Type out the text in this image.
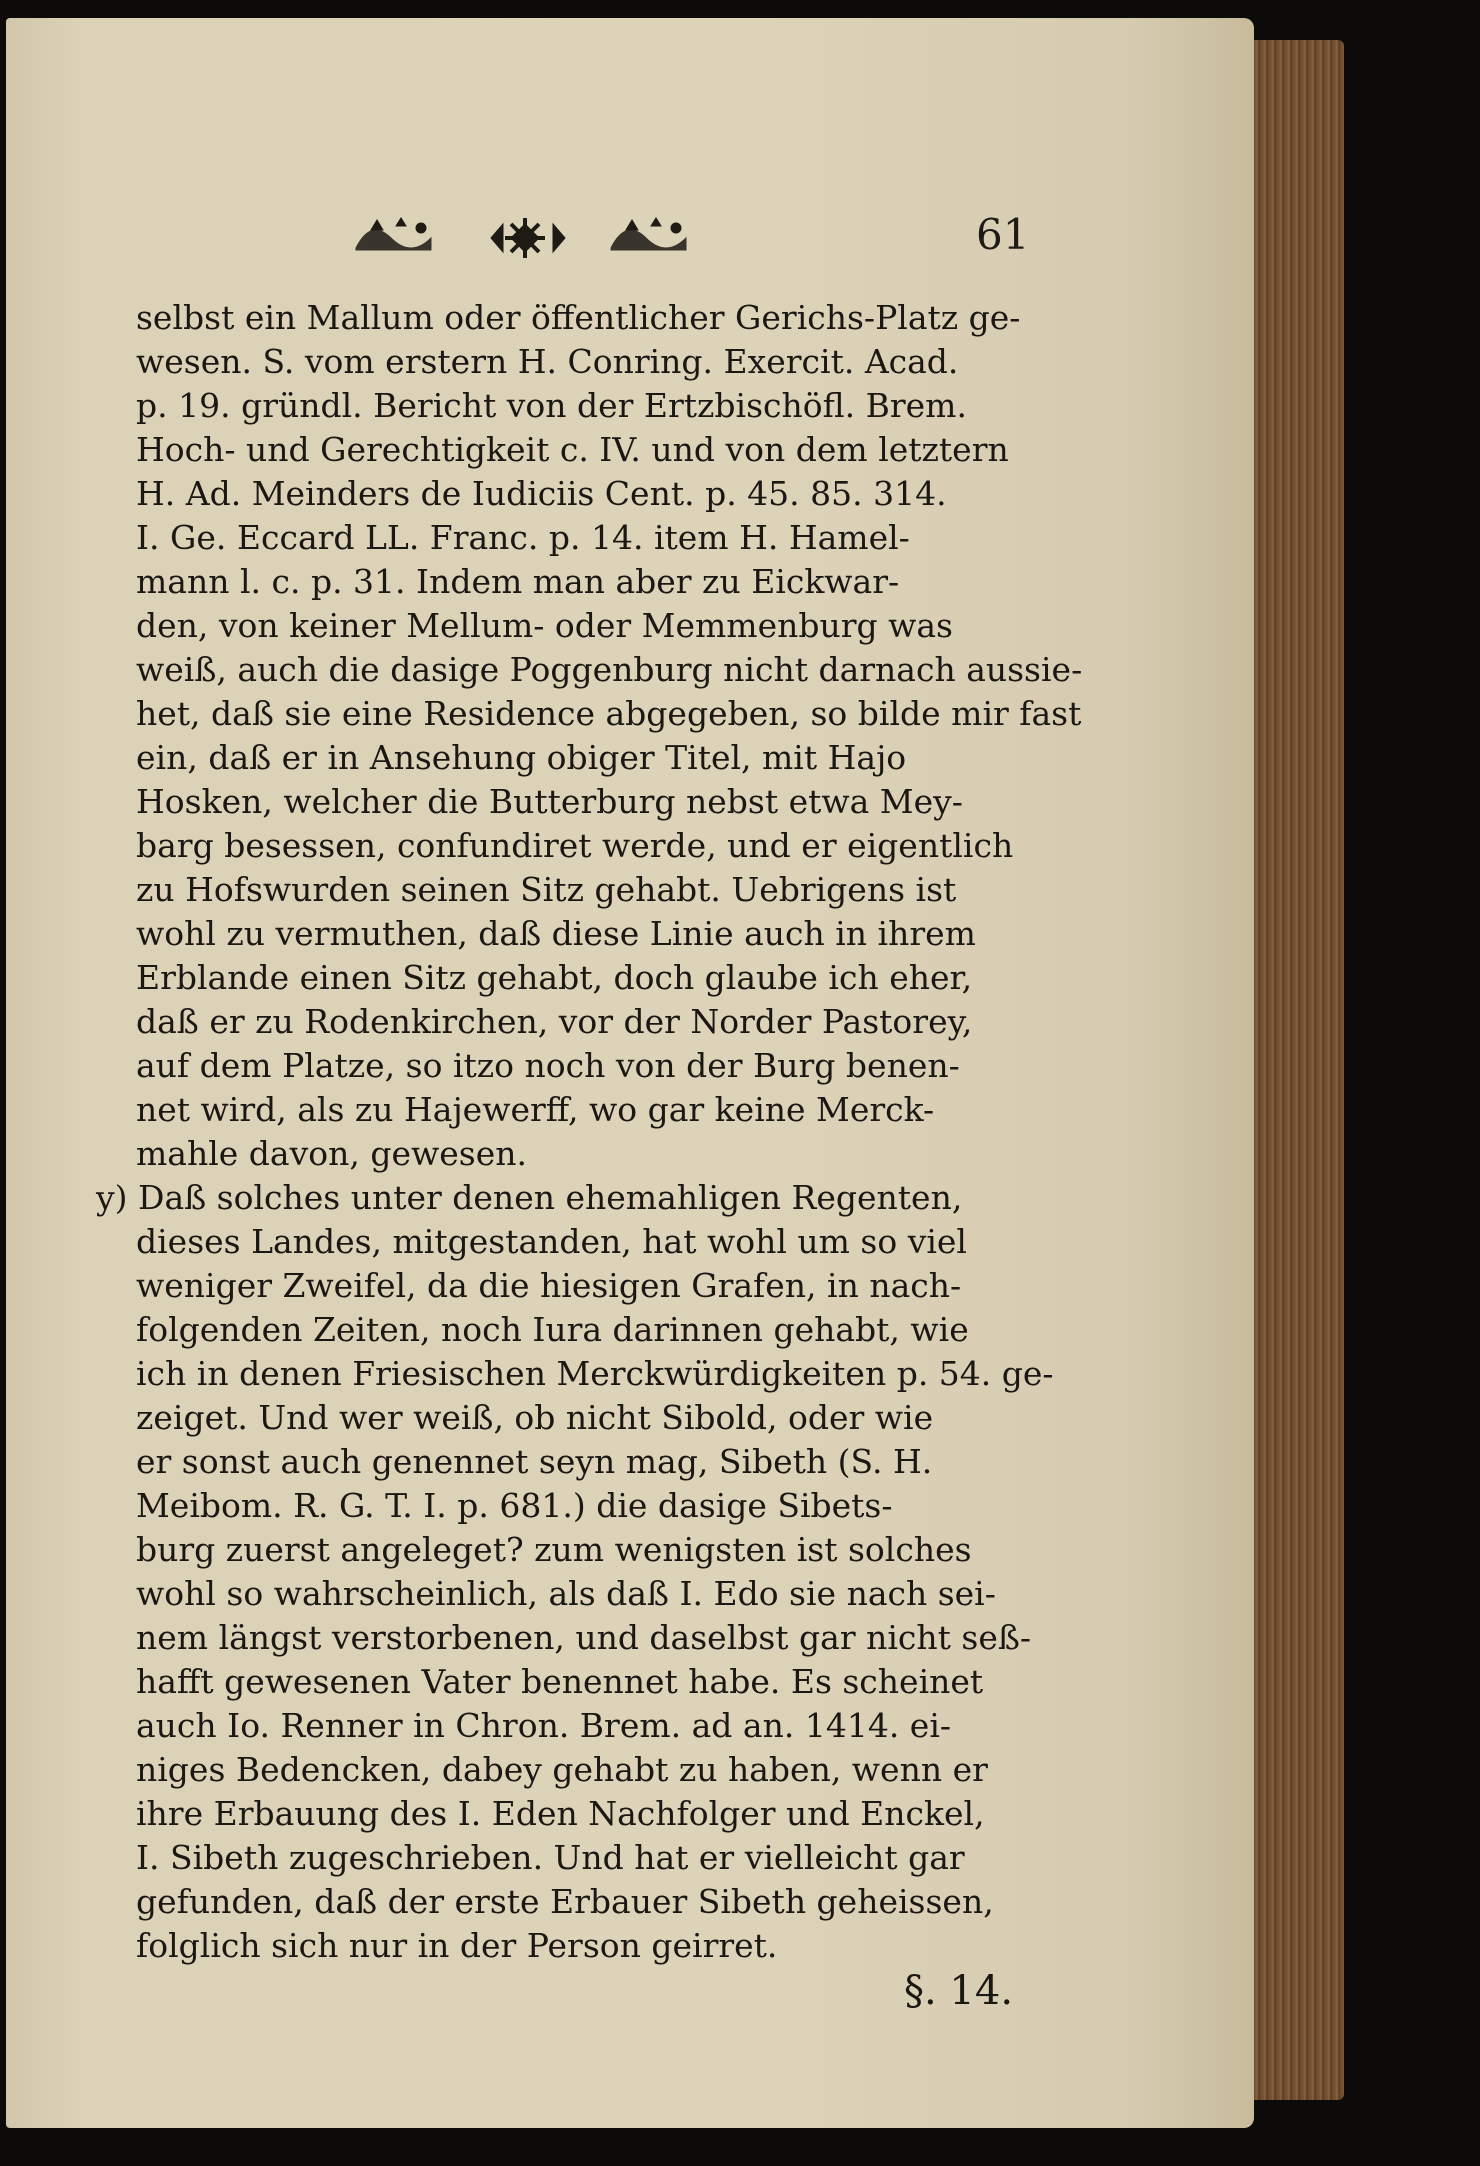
61
selbst ein Mallum oder öffentlicher Gerichs-Platz ge-
wesen. S. vom erstern H. Conring. Exercit. Acad.
p. 19. gründl. Bericht von der Ertzbischöfl. Brem.
Hoch- und Gerechtigkeit c. IV. und von dem letztern
H. Ad. Meinders de Iudiciis Cent. p. 45. 85. 314.
I. Ge. Eccard LL. Franc. p. 14. item H. Hamel-
mann l. c. p. 31. Indem man aber zu Eickwar-
den, von keiner Mellum- oder Memmenburg was
weiß, auch die dasige Poggenburg nicht darnach aussie-
het, daß sie eine Residence abgegeben, so bilde mir fast
ein, daß er in Ansehung obiger Titel, mit Hajo
Hosken, welcher die Butterburg nebst etwa Mey-
barg besessen, confundiret werde, und er eigentlich
zu Hofswurden seinen Sitz gehabt. Uebrigens ist
wohl zu vermuthen, daß diese Linie auch in ihrem
Erblande einen Sitz gehabt, doch glaube ich eher,
daß er zu Rodenkirchen, vor der Norder Pastorey,
auf dem Platze, so itzo noch von der Burg benen-
net wird, als zu Hajewerff, wo gar keine Merck-
mahle davon, gewesen.
y) Daß solches unter denen ehemahligen Regenten,
dieses Landes, mitgestanden, hat wohl um so viel
weniger Zweifel, da die hiesigen Grafen, in nach-
folgenden Zeiten, noch Iura darinnen gehabt, wie
ich in denen Friesischen Merckwürdigkeiten p. 54. ge-
zeiget. Und wer weiß, ob nicht Sibold, oder wie
er sonst auch genennet seyn mag, Sibeth (S. H.
Meibom. R. G. T. I. p. 681.) die dasige Sibets-
burg zuerst angeleget? zum wenigsten ist solches
wohl so wahrscheinlich, als daß I. Edo sie nach sei-
nem längst verstorbenen, und daselbst gar nicht seß-
hafft gewesenen Vater benennet habe. Es scheinet
auch Io. Renner in Chron. Brem. ad an. 1414. ei-
niges Bedencken, dabey gehabt zu haben, wenn er
ihre Erbauung des I. Eden Nachfolger und Enckel,
I. Sibeth zugeschrieben. Und hat er vielleicht gar
gefunden, daß der erste Erbauer Sibeth geheissen,
folglich sich nur in der Person geirret.
§. 14.
